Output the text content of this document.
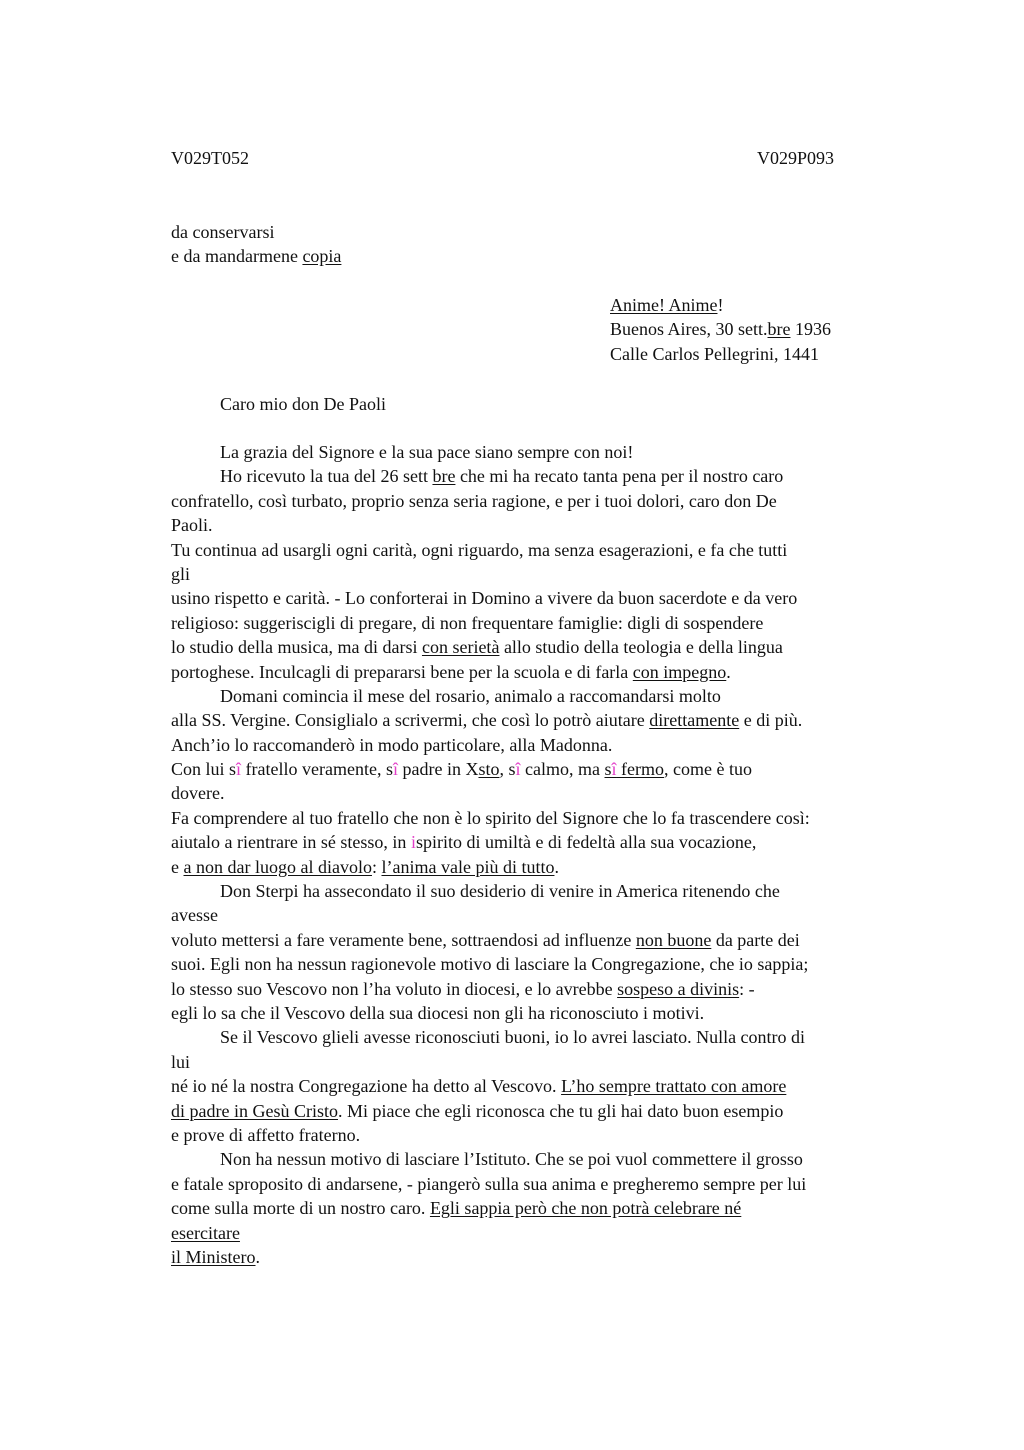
V029T052	V029P093

da conservarsi
e da mandarmene copia
Anime! Anime!
Buenos Aires, 30 sett.bre 1936
Calle Carlos Pellegrini, 1441

Caro mio don De Paoli

La grazia del Signore e la sua pace siano sempre con noi!
Ho ricevuto la tua del 26 sett bre che mi ha recato tanta pena per il nostro caro
confratello, così turbato, proprio senza seria ragione, e per i tuoi dolori, caro don De
Paoli.
Tu continua ad usargli ogni carità, ogni riguardo, ma senza esagerazioni, e fa che tutti
gli
usino rispetto e carità. - Lo conforterai in Domino a vivere da buon sacerdote e da vero
religioso: suggeriscigli di pregare, di non frequentare famiglie: digli di sospendere
lo studio della musica, ma di darsi con serietà allo studio della teologia e della lingua
portoghese. Inculcagli di prepararsi bene per la scuola e di farla con impegno.
Domani comincia il mese del rosario, animalo a raccomandarsi molto
alla SS. Vergine. Consiglialo a scrivermi, che così lo potrò aiutare direttamente e di più.
Anch’io lo raccomanderò in modo particolare, alla Madonna.
Con lui sî fratello veramente, sî padre in Xsto, sî calmo, ma sî fermo, come è tuo
dovere.
Fa comprendere al tuo fratello che non è lo spirito del Signore che lo fa trascendere così:
aiutalo a rientrare in sé stesso, in ispirito di umiltà e di fedeltà alla sua vocazione,
e a non dar luogo al diavolo: l’anima vale più di tutto.
Don Sterpi ha assecondato il suo desiderio di venire in America ritenendo che
avesse
voluto mettersi a fare veramente bene, sottraendosi ad influenze non buone da parte dei
suoi. Egli non ha nessun ragionevole motivo di lasciare la Congregazione, che io sappia;
lo stesso suo Vescovo non l’ha voluto in diocesi, e lo avrebbe sospeso a divinis: -
egli lo sa che il Vescovo della sua diocesi non gli ha riconosciuto i motivi.
Se il Vescovo glieli avesse riconosciuti buoni, io lo avrei lasciato. Nulla contro di
lui
né io né la nostra Congregazione ha detto al Vescovo. L’ho sempre trattato con amore
di padre in Gesù Cristo. Mi piace che egli riconosca che tu gli hai dato buon esempio
e prove di affetto fraterno.
Non ha nessun motivo di lasciare l’Istituto. Che se poi vuol commettere il grosso
e fatale sproposito di andarsene, - piangerò sulla sua anima e pregheremo sempre per lui
come sulla morte di un nostro caro. Egli sappia però che non potrà celebrare né
esercitare
il Ministero.
